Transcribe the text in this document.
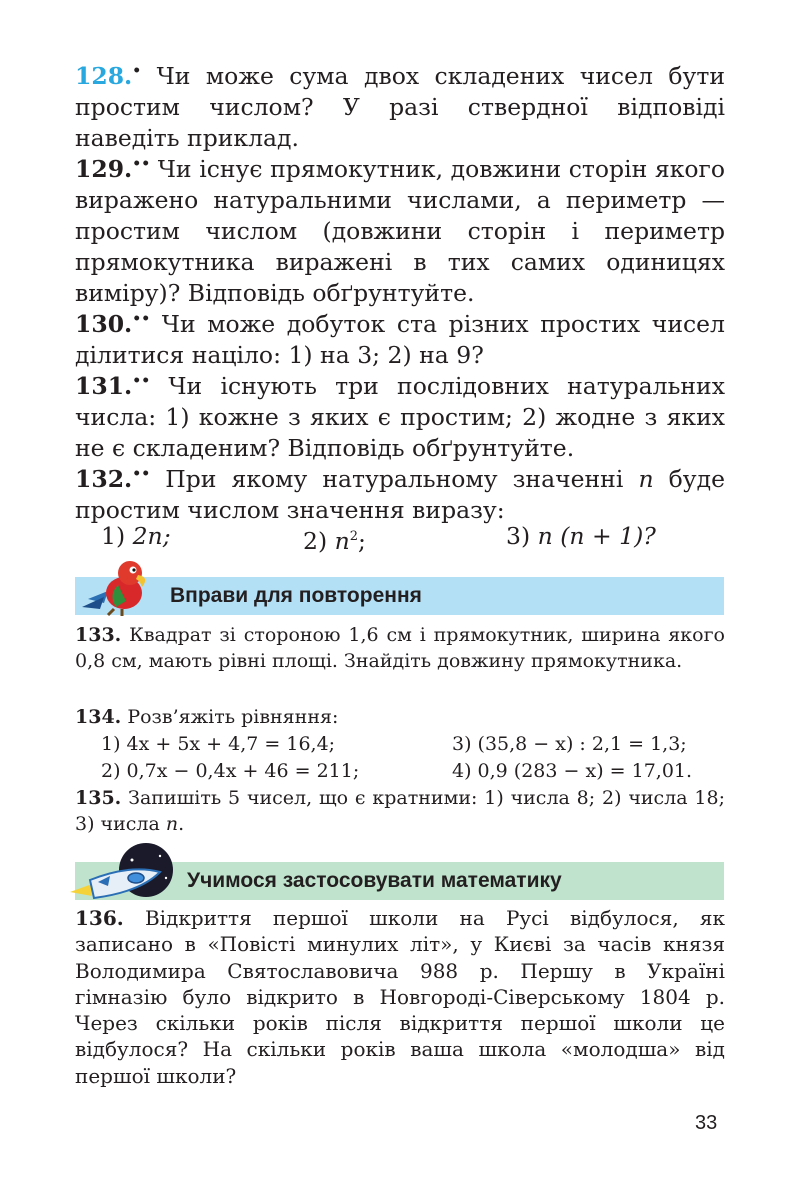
128.• Чи може сума двох складених чисел бути простим числом? У разі ствердної відповіді наведіть приклад.
129.•• Чи існує прямокутник, довжини сторін якого виражено натуральними числами, а периметр — простим числом (довжини сторін і периметр прямокутника виражені в тих самих одиницях виміру)? Відповідь обґрунтуйте.
130.•• Чи може добуток ста різних простих чисел ділитися націло: 1) на 3; 2) на 9?
131.•• Чи існують три послідовних натуральних числа: 1) кожне з яких є простим; 2) жодне з яких не є складеним? Відповідь обґрунтуйте.
132.•• При якому натуральному значенні n буде простим числом значення виразу:
1) 2n;	2) $n^2$;	3) n (n + 1)?
Вправи для повторення
133. Квадрат зі стороною 1,6 см і прямокутник, ширина якого 0,8 см, мають рівні площі. Знайдіть довжину прямокутника.
134. Розв’яжіть рівняння:
1) 4x + 5x + 4,7 = 16,4;	3) (35,8 − x) : 2,1 = 1,3;
2) 0,7x − 0,4x + 46 = 211;	4) 0,9 (283 − x) = 17,01.
135. Запишіть 5 чисел, що є кратними: 1) числа 8; 2) числа 18; 3) числа n.
Учимося застосовувати математику
136. Відкриття першої школи на Русі відбулося, як записано в «Повісті минулих літ», у Києві за часів князя Володимира Святославовича 988 р. Першу в Україні гімназію було відкрито в Новгороді-Сіверському 1804 р. Через скільки років після відкриття першої школи це відбулося? На скільки років ваша школа «молодша» від першої школи?
33
